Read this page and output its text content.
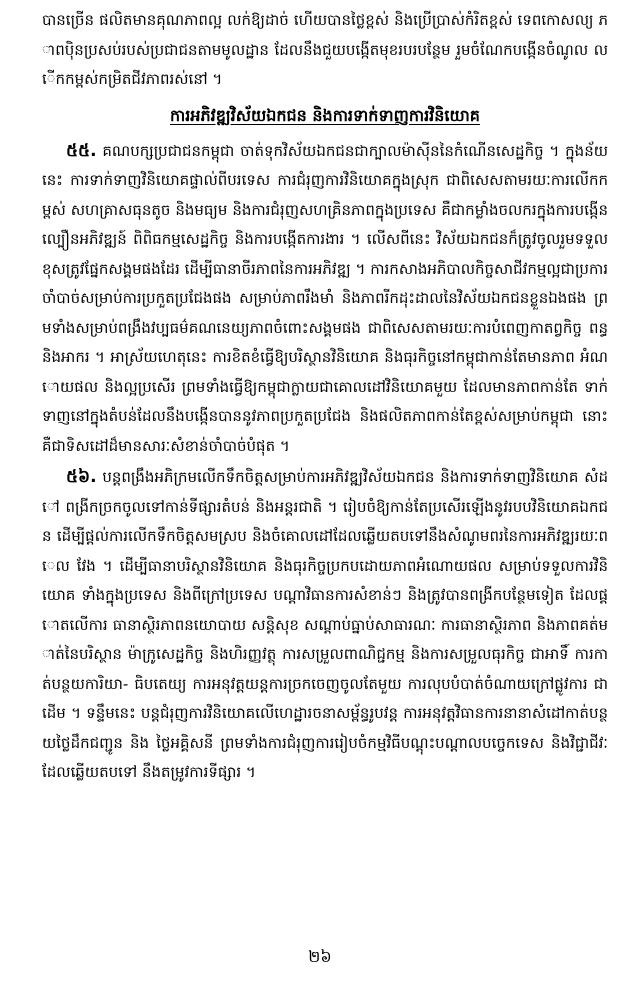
បានច្រើន ផលិតមានគុណភាពល្អ លក់ឱ្យដាច់ ហើយបានថ្លៃខ្ពស់ និងប្រើប្រាស់កំរិតខ្ពស់ ទេពកោសល្យ ភាពប៉ិនប្រសប់របស់ប្រជាជនតាមមូលដ្ឋាន ដែលនឹងជួយបង្កើតមុខរបរបន្ថែម រួមចំណែកបង្កើនចំណូល លើកកម្ពស់កម្រិតជីវភាពរស់នៅ ។

ការអភិវឌ្ឍវិស័យឯកជន និងការទាក់ទាញការវិនិយោគ

៥៥. គណបក្សប្រជាជនកម្ពុជា ចាត់ទុកវិស័យឯកជនជាក្បាលម៉ាស៊ីននៃកំណើនសេដ្ឋកិច្ច ។ ក្នុងន័យនេះ ការទាក់ទាញវិនិយោគផ្ទាល់ពីបរទេស ការជំរុញការវិនិយោគក្នុងស្រុក ជាពិសេសតាមរយៈការលើកកម្ពស់ សហគ្រាសធុនតូច និងមធ្យម និងការជំរុញសហគ្រិនភាពក្នុងប្រទេស គឺជាកម្លាំងចលករក្នុងការបង្កើន ល្បឿនអភិវឌ្ឍន៍ ពិពិធកម្មសេដ្ឋកិច្ច និងការបង្កើតការងារ ។ លើសពីនេះ វិស័យឯកជនក៏ត្រូវចូលរួមទទួល ខុសត្រូវផ្នែកសង្គមផងដែរ ដើម្បីធានាចីរភាពនៃការអភិវឌ្ឍ ។ ការកសាងអភិបាលកិច្ចសាជីវកម្មល្អជាប្រការ ចាំបាច់សម្រាប់ការប្រកួតប្រជែងផង សម្រាប់ភាពរឹងមាំ និងភាពរីកដុះដាលនៃវិស័យឯកជនខ្លួនឯងផង ព្រមទាំងសម្រាប់ពង្រឹងវប្បធម៌គណនេយ្យភាពចំពោះសង្គមផង ជាពិសេសតាមរយៈការបំពេញកាតព្វកិច្ច ពន្ធ និងអាករ ។ អាស្រ័យហេតុនេះ ការខិតខំធ្វើឱ្យបរិស្ថានវិនិយោគ និងធុរកិច្ចនៅកម្ពុជាកាន់តែមានភាព អំណោយផល និងល្អប្រសើរ ព្រមទាំងធ្វើឱ្យកម្ពុជាក្លាយជាគោលដៅវិនិយោគមួយ ដែលមានភាពកាន់តែ ទាក់ទាញនៅក្នុងតំបន់ដែលនឹងបង្កើនបាននូវភាពប្រកួតប្រជែង និងផលិតភាពកាន់តែខ្ពស់សម្រាប់កម្ពុជា នោះ គឺជាទិសដៅដ៏មានសារៈសំខាន់ចាំបាច់បំផុត ។

៥៦. បន្តពង្រឹងអភិក្រមលើកទឹកចិត្តសម្រាប់ការអភិវឌ្ឍវិស័យឯកជន និងការទាក់ទាញវិនិយោគ សំដៅ ពង្រីកច្រកចូលទៅកាន់ទីផ្សារតំបន់ និងអន្តរជាតិ ។ រៀបចំឱ្យកាន់តែប្រសើរឡើងនូវរបបវិនិយោគឯកជន ដើម្បីផ្តល់ការលើកទឹកចិត្តសមស្រប និងចំគោលដៅដែលឆ្លើយតបទៅនឹងសំណូមពរនៃការអភិវឌ្ឍរយៈពេល វែង ។ ដើម្បីធានាបរិស្ថានវិនិយោគ និងធុរកិច្ចប្រកបដោយភាពអំណោយផល សម្រាប់ទទួលការវិនិយោគ ទាំងក្នុងប្រទេស និងពីក្រៅប្រទេស បណ្តាវិធានការសំខាន់ៗ និងត្រូវបានពង្រីកបន្ថែមទៀត ដែលផ្តោតលើការ ធានាស្ថិរភាពនយោបាយ សន្តិសុខ សណ្តាប់ធ្នាប់សាធារណៈ ការធានាស្ថិរភាព និងភាពគត់មាត់នៃបរិស្ថាន ម៉ាក្រូសេដ្ឋកិច្ច និងហិរញ្ញវត្ថុ ការសម្រួលពាណិជ្ជកម្ម និងការសម្រួលធុរកិច្ច ជាអាទិ៍ ការកាត់បន្ថយការិយា- ធិបតេយ្យ ការអនុវត្តយន្តការច្រកចេញចូលតែមួយ ការលុបបំបាត់ចំណាយក្រៅផ្លូវការ ជាដើម ។ ទន្ទឹមនេះ បន្តជំរុញការវិនិយោគលើហេដ្ឋារចនាសម្ព័ន្ធរូបវន្ត ការអនុវត្តវិធានការនានាសំដៅកាត់បន្ថយថ្លៃដឹកជញ្ជូន និង ថ្លៃអគ្គិសនី ព្រមទាំងការជំរុញការរៀបចំកម្មវិធីបណ្តុះបណ្តាលបច្ចេកទេស និងវិជ្ជាជីវៈ ដែលឆ្លើយតបទៅ នឹងតម្រូវការទីផ្សារ ។

២៦
